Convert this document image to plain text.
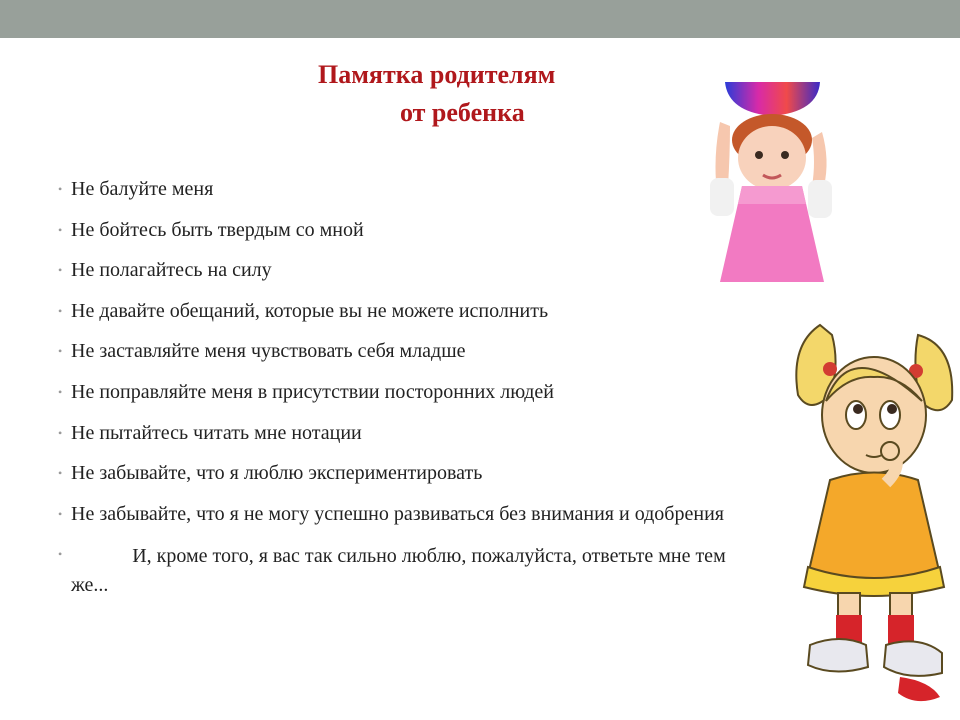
Памятка родителям
от ребенка
• Не балуйте меня
• Не бойтесь быть твердым со мной
• Не полагайтесь на силу
• Не давайте обещаний, которые вы не можете исполнить
• Не заставляйте меня чувствовать себя младше
• Не поправляйте меня в присутствии посторонних людей
• Не пытайтесь читать мне нотации
• Не забывайте, что я люблю экспериментировать
• Не забывайте, что я не могу успешно развиваться без внимания и одобрения
•	И, кроме того, я вас так сильно люблю, пожалуйста, ответьте мне тем
же...
